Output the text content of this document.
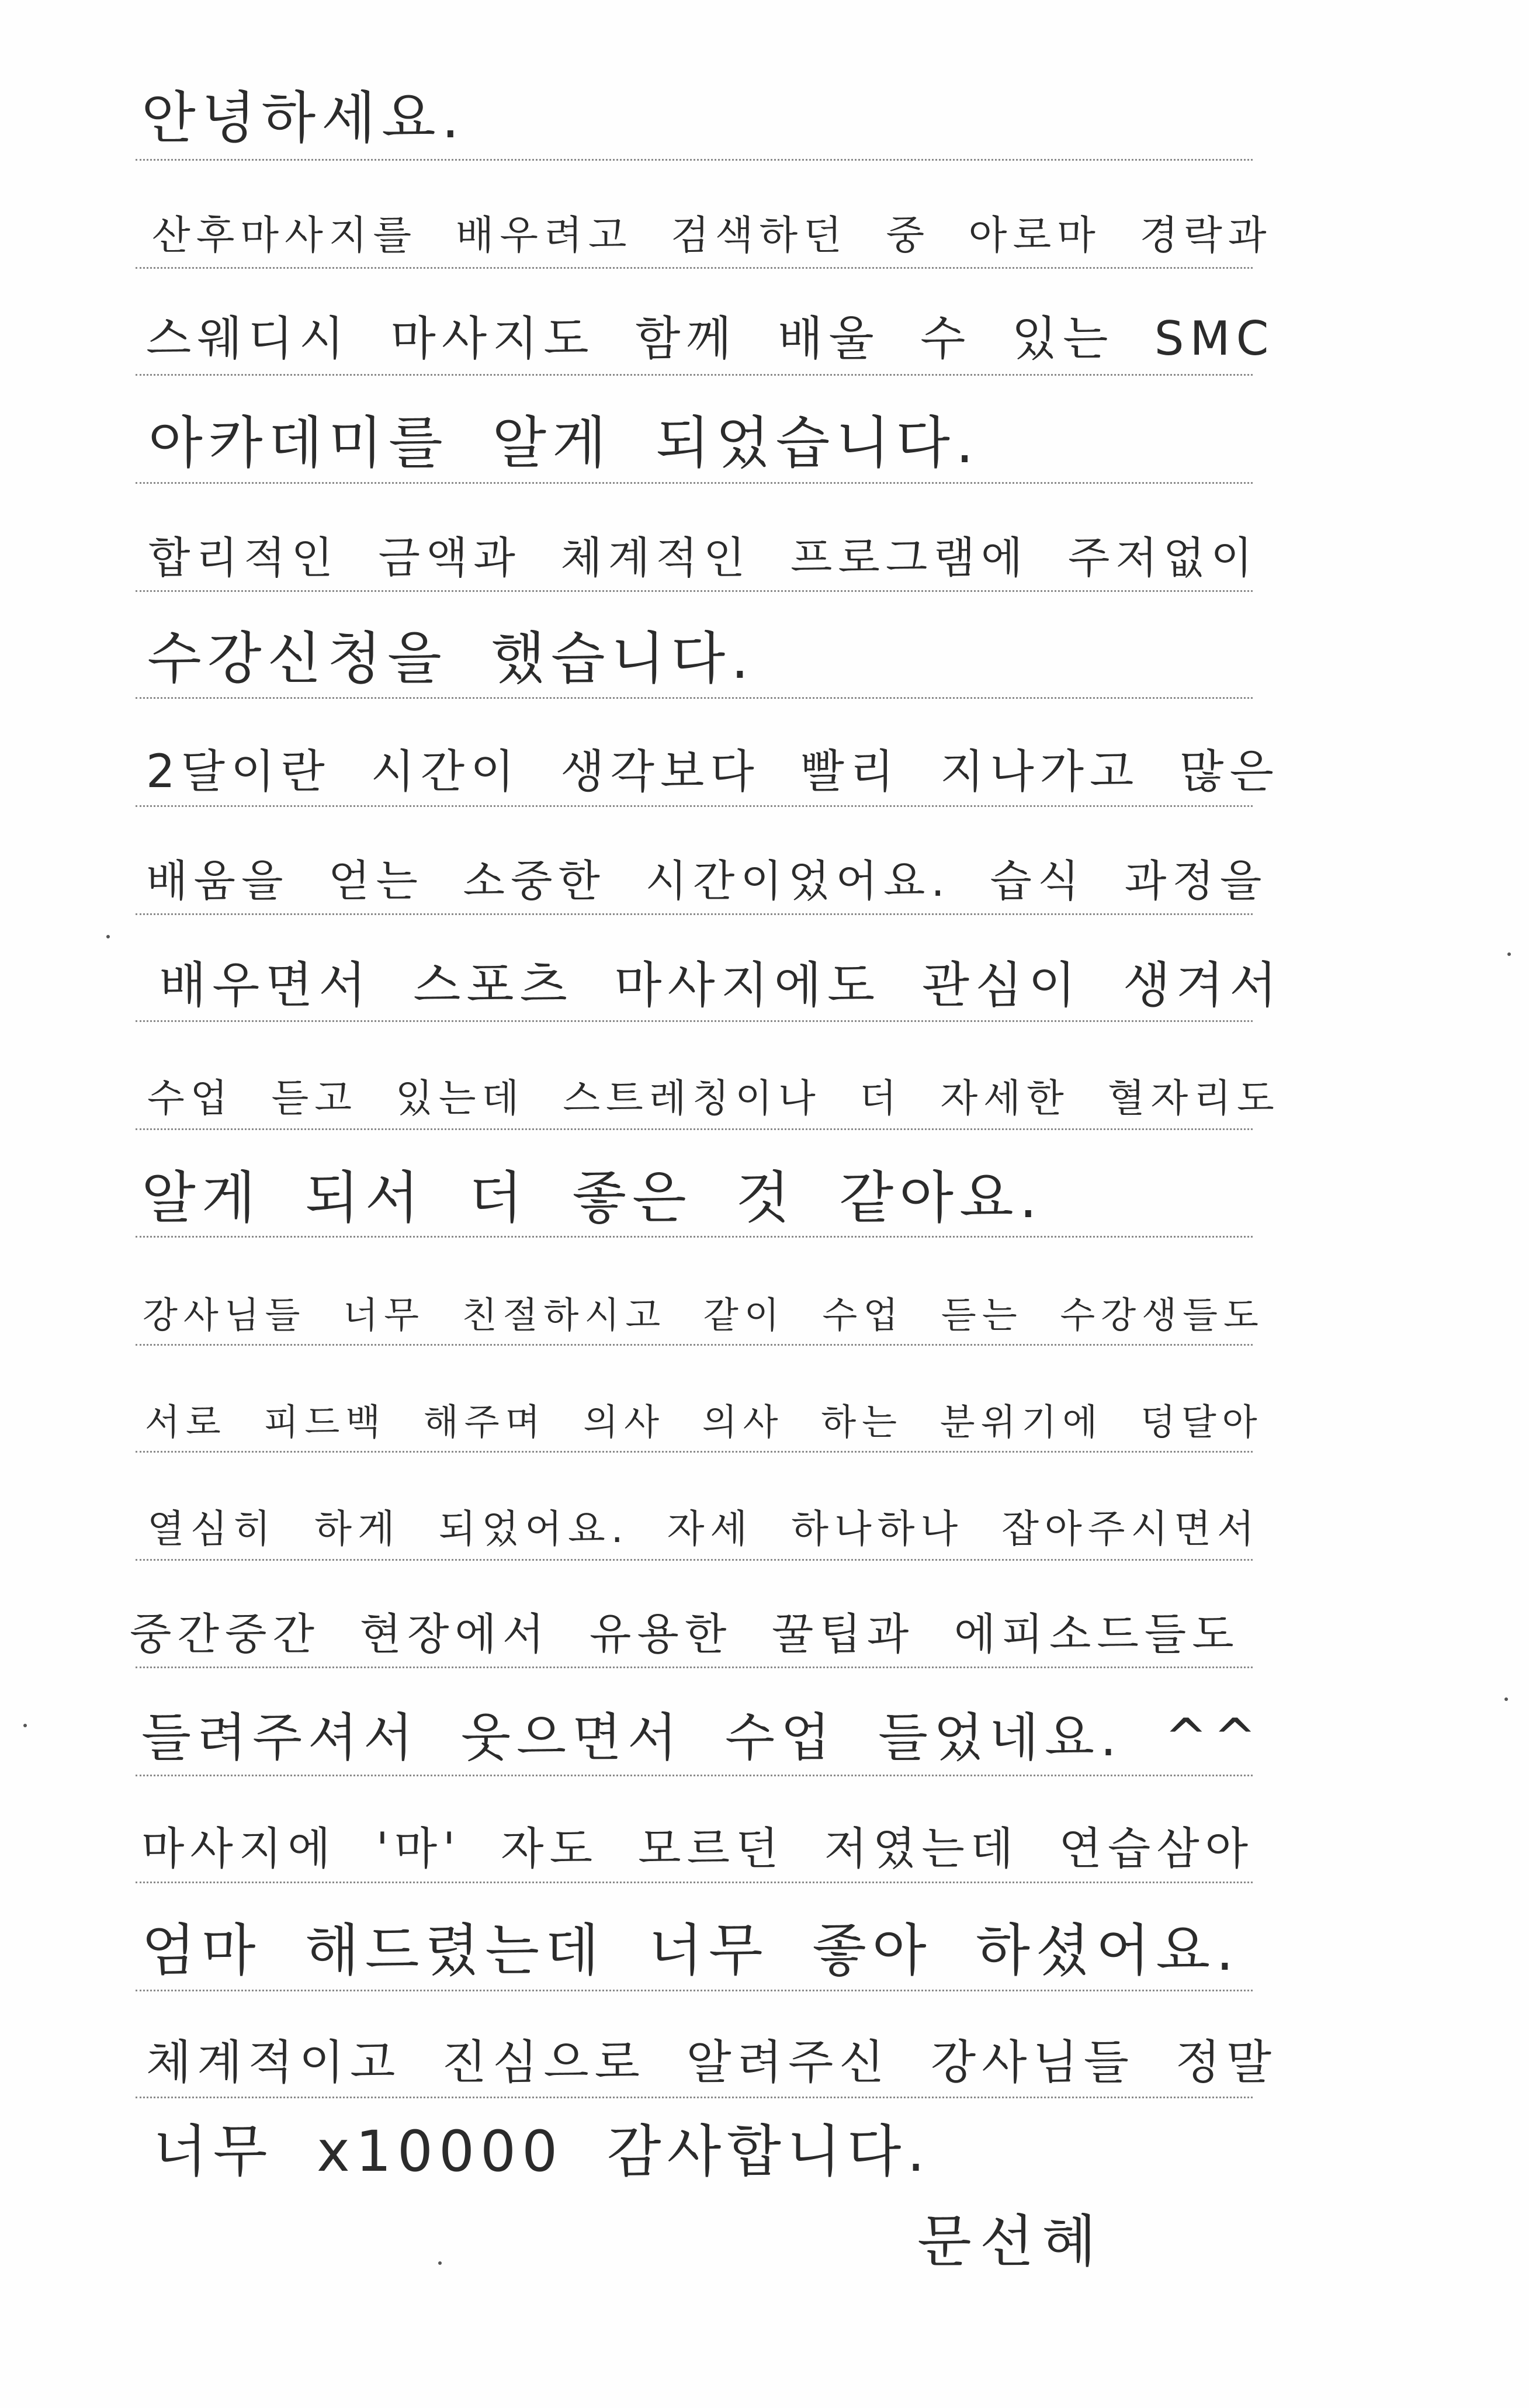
안녕하세요.
산후마사지를 배우려고 검색하던 중 아로마 경락과
스웨디시 마사지도 함께 배울 수 있는 SMC
아카데미를 알게 되었습니다.
합리적인 금액과 체계적인 프로그램에 주저없이
수강신청을 했습니다.
2달이란 시간이 생각보다 빨리 지나가고 많은
배움을 얻는 소중한 시간이었어요. 습식 과정을
배우면서 스포츠 마사지에도 관심이 생겨서
수업 듣고 있는데 스트레칭이나 더 자세한 혈자리도
알게 되서 더 좋은 것 같아요.
강사님들 너무 친절하시고 같이 수업 듣는 수강생들도
서로 피드백 해주며 의사 의사 하는 분위기에 덩달아
열심히 하게 되었어요. 자세 하나하나 잡아주시면서
중간중간 현장에서 유용한 꿀팁과 에피소드들도
들려주셔서 웃으면서 수업 들었네요. ^^
마사지에 '마' 자도 모르던 저였는데 연습삼아
엄마 해드렸는데 너무 좋아 하셨어요.
체계적이고 진심으로 알려주신 강사님들 정말
너무 x10000 감사합니다.
문선혜
